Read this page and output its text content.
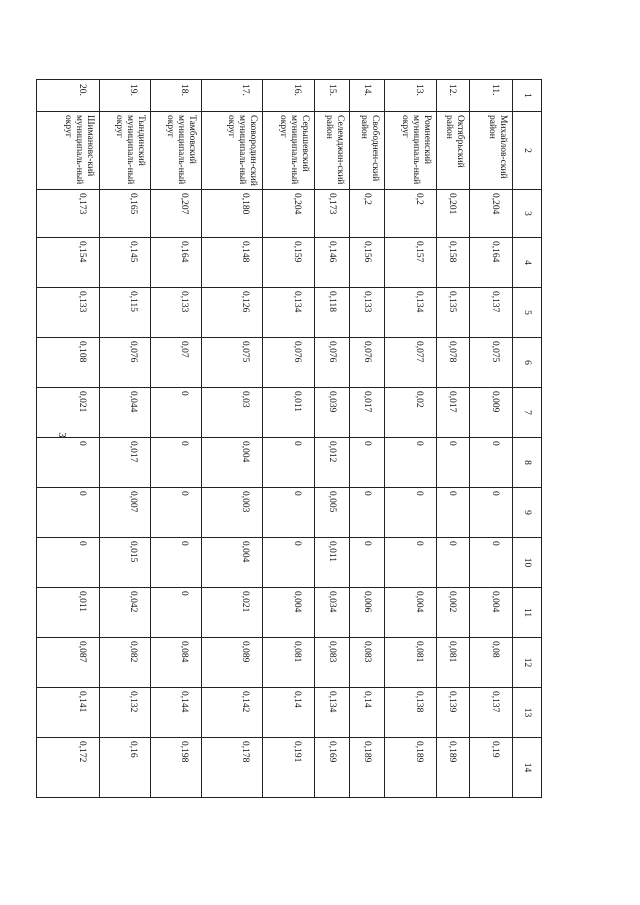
3
1	2	3	4	5	6	7	8	9	10	11	12	13	14
11.	Михайлов-ский район	0,204	0,164	0,137	0,075	0,009	0	0	0	0,004	0,08	0,137	0,19
12.	Октябрьский район	0,201	0,158	0,135	0,078	0,017	0	0	0	0,002	0,081	0,139	0,189
13.	Ромненский муниципаль-ный округ	0,2	0,157	0,134	0,077	0,02	0	0	0	0,004	0,081	0,138	0,189
14.	Свободнен-ский район	0,2	0,156	0,133	0,076	0,017	0	0	0	0,006	0,083	0,14	0,189
15.	Селемджин-ский район	0,173	0,146	0,118	0,076	0,039	0,012	0,005	0,011	0,034	0,083	0,134	0,169
16.	Серышевский муниципаль-ный округ	0,204	0,159	0,134	0,076	0,011	0	0	0	0,004	0,081	0,14	0,191
17.	Сковородин-ский муниципаль-ный округ	0,180	0,148	0,126	0,075	0,03	0,004	0,003	0,004	0,021	0,089	0,142	0,178
18.	Тамбовский муниципаль-ный округ	0,207	0,164	0,133	0,07	0	0	0	0	0	0,084	0,144	0,198
19.	Тындинский муниципаль-ный округ	0,165	0,145	0,115	0,076	0,044	0,017	0,007	0,015	0,042	0,082	0,132	0,16
20.	Шимановс-кий муниципаль-ный округ	0,173	0,154	0,133	0,108	0,021	0	0	0	0,011	0,087	0,141	0,172
